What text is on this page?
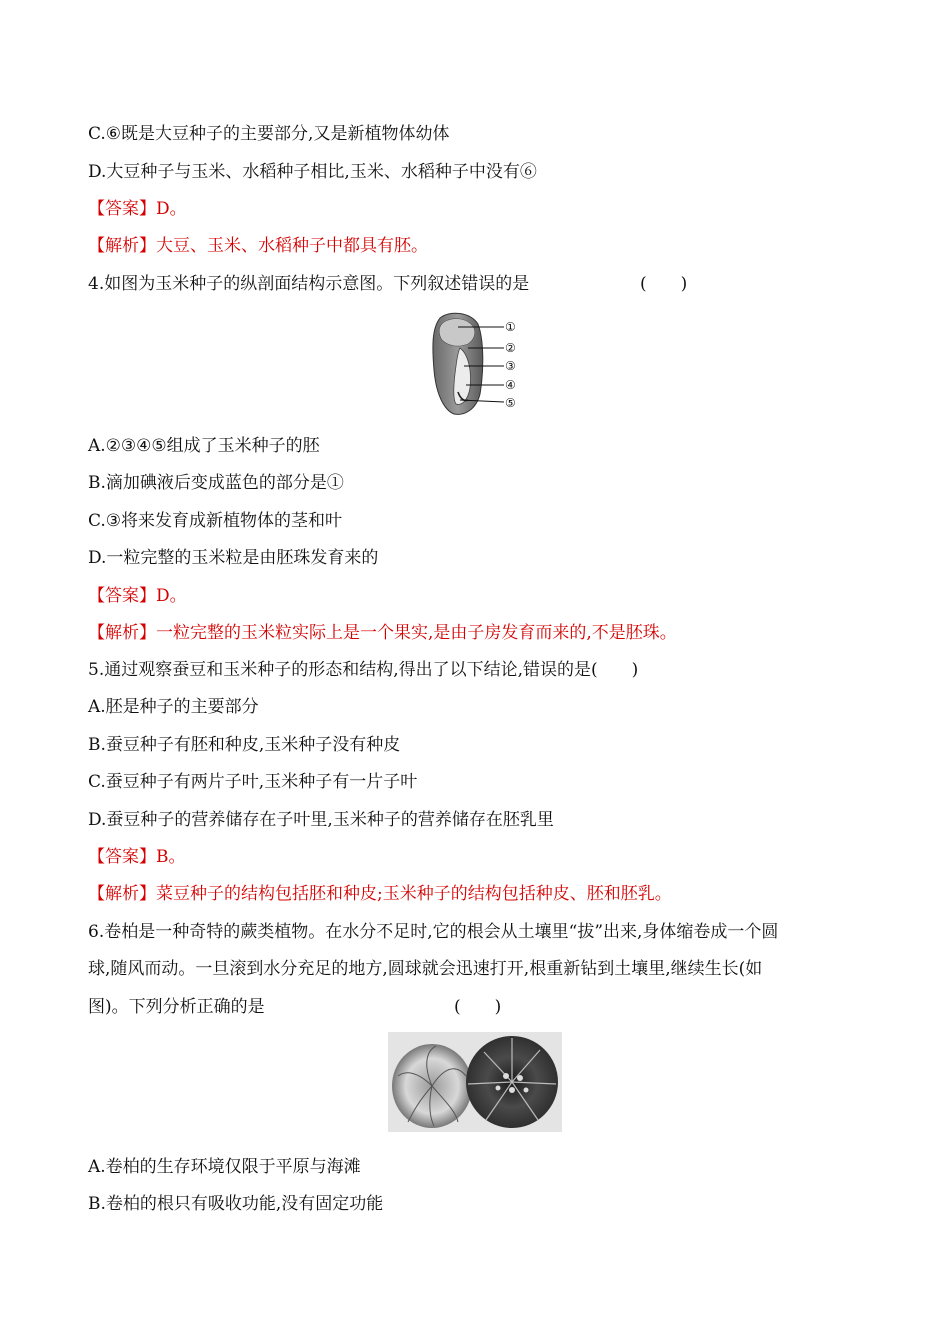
C.⑥既是大豆种子的主要部分,又是新植物体幼体
D.大豆种子与玉米、水稻种子相比,玉米、水稻种子中没有⑥
【答案】D。
【解析】大豆、玉米、水稻种子中都具有胚。
4.如图为玉米种子的纵剖面结构示意图。下列叙述错误的是	(　　)
①
②
③
④
⑤
A.②③④⑤组成了玉米种子的胚
B.滴加碘液后变成蓝色的部分是①
C.③将来发育成新植物体的茎和叶
D.一粒完整的玉米粒是由胚珠发育来的
【答案】D。
【解析】一粒完整的玉米粒实际上是一个果实,是由子房发育而来的,不是胚珠。
5.通过观察蚕豆和玉米种子的形态和结构,得出了以下结论,错误的是(　　)
A.胚是种子的主要部分
B.蚕豆种子有胚和种皮,玉米种子没有种皮
C.蚕豆种子有两片子叶,玉米种子有一片子叶
D.蚕豆种子的营养储存在子叶里,玉米种子的营养储存在胚乳里
【答案】B。
【解析】菜豆种子的结构包括胚和种皮;玉米种子的结构包括种皮、胚和胚乳。
6.卷柏是一种奇特的蕨类植物。在水分不足时,它的根会从土壤里“拔”出来,身体缩卷成一个圆
球,随风而动。一旦滚到水分充足的地方,圆球就会迅速打开,根重新钻到土壤里,继续生长(如
图)。下列分析正确的是	(　　)
A.卷柏的生存环境仅限于平原与海滩
B.卷柏的根只有吸收功能,没有固定功能
